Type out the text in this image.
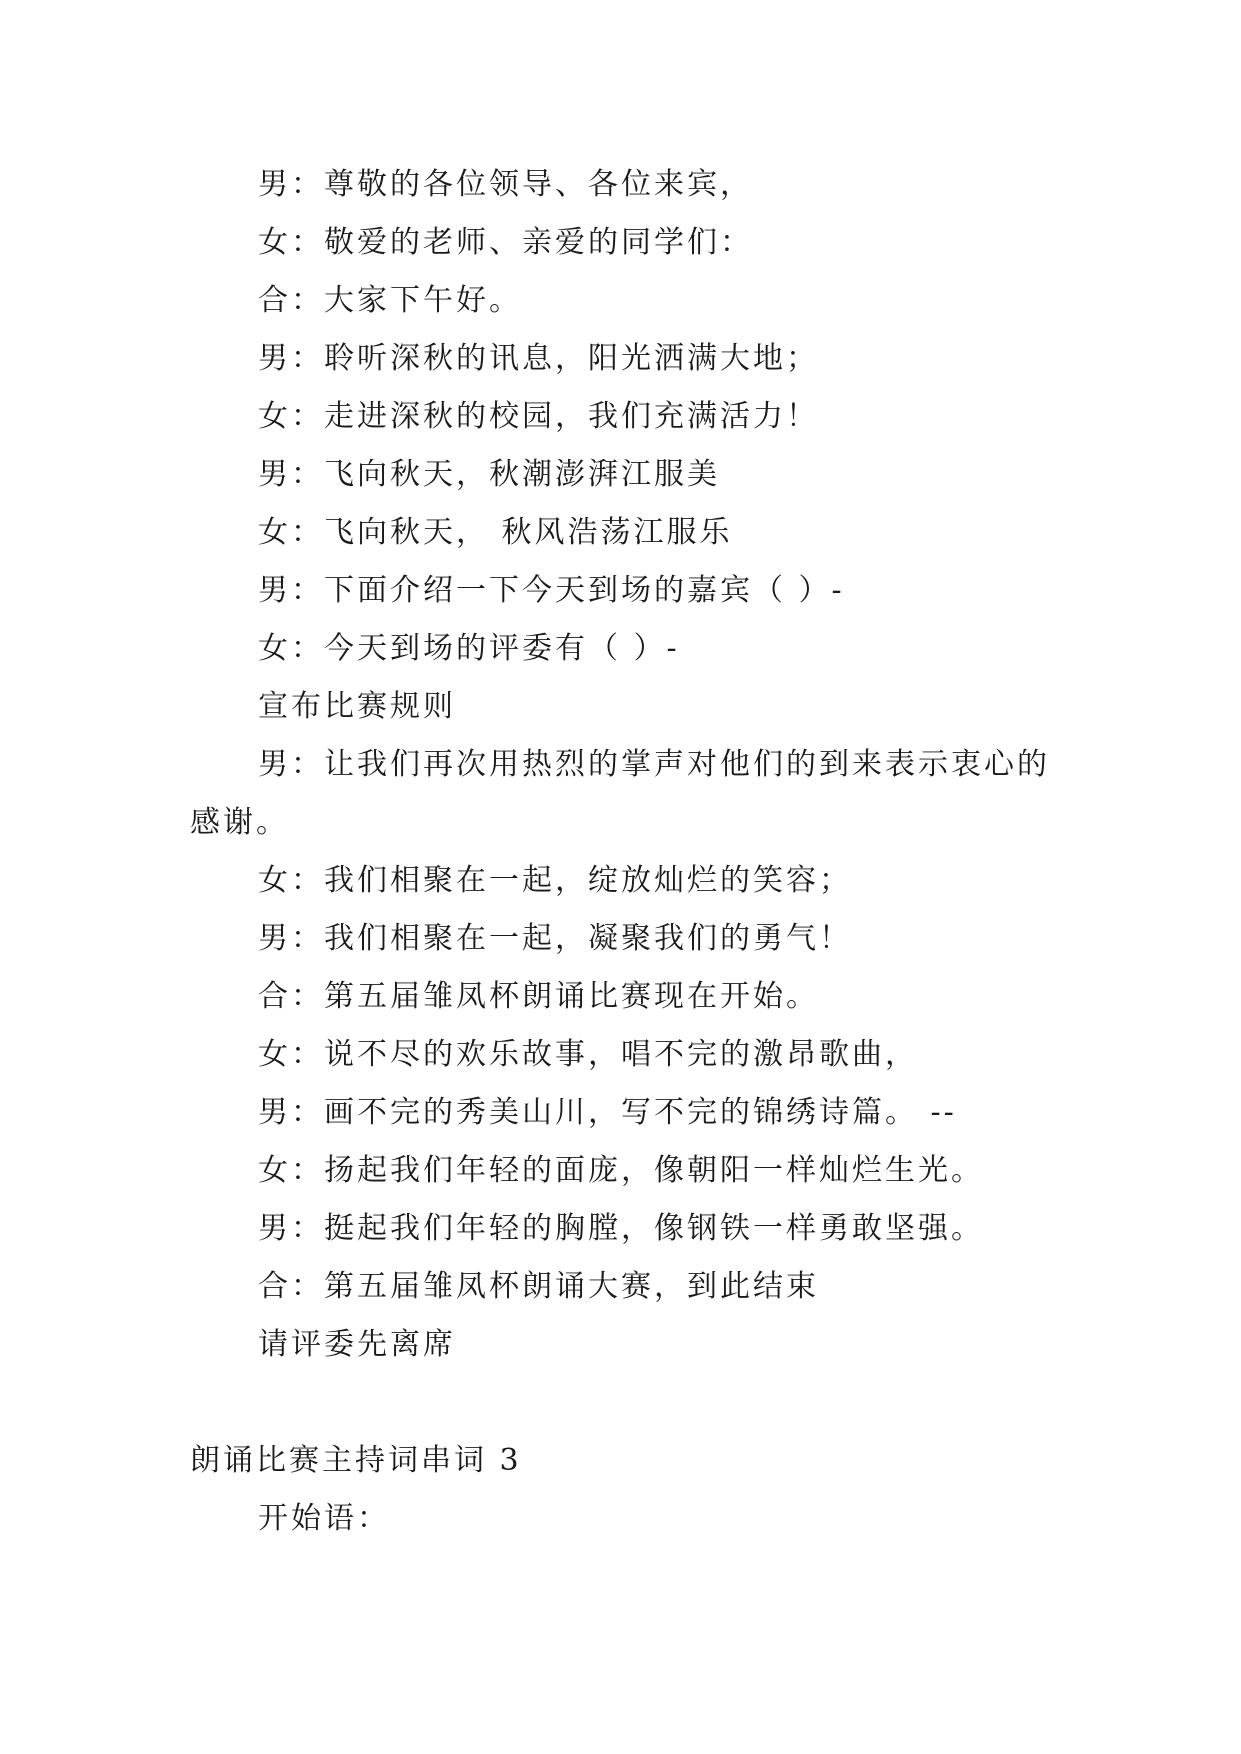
男：尊敬的各位领导、各位来宾，
女：敬爱的老师、亲爱的同学们：
合：大家下午好。
男：聆听深秋的讯息，阳光洒满大地；
女：走进深秋的校园，我们充满活力！
男：飞向秋天，秋潮澎湃江服美
女：飞向秋天， 秋风浩荡江服乐
男：下面介绍一下今天到场的嘉宾（ ）-
女：今天到场的评委有（ ）-
宣布比赛规则
男：让我们再次用热烈的掌声对他们的到来表示衷心的
感谢。
女：我们相聚在一起，绽放灿烂的笑容；
男：我们相聚在一起，凝聚我们的勇气！
合：第五届雏凤杯朗诵比赛现在开始。
女：说不尽的欢乐故事，唱不完的激昂歌曲，
男：画不完的秀美山川，写不完的锦绣诗篇。 --
女：扬起我们年轻的面庞，像朝阳一样灿烂生光。
男：挺起我们年轻的胸膛，像钢铁一样勇敢坚强。
合：第五届雏凤杯朗诵大赛，到此结束
请评委先离席
朗诵比赛主持词串词 3
开始语：
